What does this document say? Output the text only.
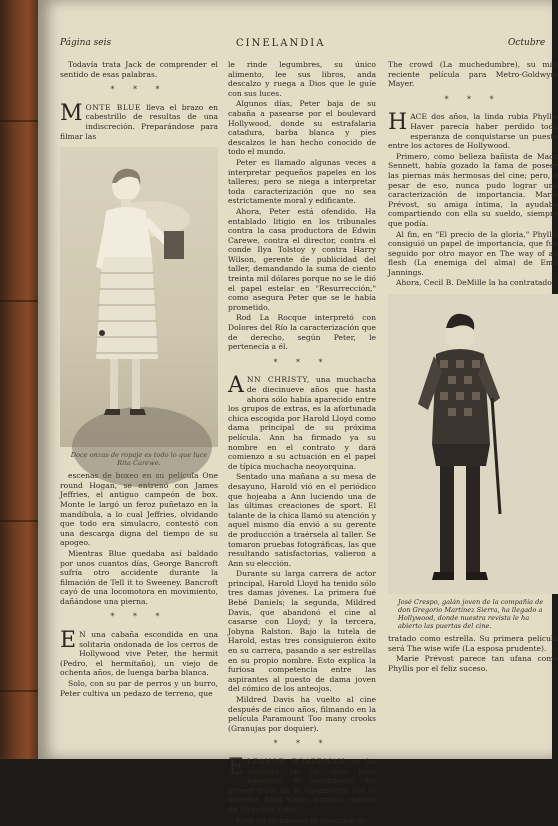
Página seis	CINELANDIA	Octubre

Todavía trata Jack de comprender el sentido de esas palabras.

* * *

MONTE BLUE lleva el brazo en cabestrillo de resultas de una indiscreción. Preparándose para filmar las

Doce onzas de ropaje es todo lo que luce Rita Carewe.

escenas de boxeo en su película One round Hogan, se entrenó con James Jeffries, el antiguo campeón de box. Monte le largó un feroz puñetazo en la mandíbula, a lo cual Jeffries, olvidando que todo era simulacro, contestó con una descarga digna del tiempo de su apogeo.

Mientras Blue quedaba así baldado por unos cuantos días, George Bancroft sufría otro accidente durante la filmación de Tell it to Sweeney. Bancroft cayó de una locomotora en movimiento, dañándose una pierna.

* * *

E N una cabaña escondida en una solitaria ondonada de los cerros de Hollywood vive Peter, the hermit (Pedro, el hermitaño), un viejo de ochenta años, de luenga barba blanca.

Solo, con su par de perros y un burro, Peter cultiva un pedazo de terreno, que

le rinde legumbres, su único alimento, lee sus libros, anda descalzo y ruega a Dios que le guíe con sus luces.

Algunos días, Peter baja de su cabaña a pasearse por el boulevard Hollywood, donde su estrafalaria catadura, barba blanca y pies descalzos le han hecho conocido de todo el mundo.

Peter es llamado algunas veces a interpretar pequeños papeles en los talleres; pero se niega a interpretar toda caracterización que no sea estrictamente moral y edificante.

Ahora, Peter está ofendido. Ha entablado litigio en los tribunales contra la casa productora de Edwin Carewe, contra el director, contra el conde Ilya Tolstoy y contra Harry Wilson, gerente de publicidad del taller, demandando la suma de ciento treinta mil dólares porque no se le dió el papel estelar en "Resurrección," como asegura Peter que se le había prometido.

Rod La Rocque interpretó con Dolores del Río la caracterización que de derecho, según Peter, le pertenecía a él.

* * *

ANN CHRISTY, una muchacha de diecinueve años que hasta ahora sólo había aparecido entre los grupos de extras, es la afortunada chica escogida por Harold Lloyd como dama principal de su próxima película. Ann ha firmado ya su nombre en el contrato y dará comienzo a su actuación en el papel de típica muchacha neoyorquina.

Sentado una mañana a su mesa de desayuno, Harold vió en el periódico que hojeaba a Ann luciendo una de las últimas creaciones de sport. El talante de la chica llamó su atención y aquel mismo día envió a su gerente de producción a traérsela al taller. Se tomaron pruebas fotográficas, las que resultando satisfactorias, valieron a Ann su elección.

Durante su larga carrera de actor principal, Harold Lloyd ha tenido sólo tres damas jóvenes. La primera fué Bebé Daniels; la segunda, Mildred Davis, que abandonó el cine al casarse con Lloyd; y la tercera, Jobyna Ralston. Bajo la tutela de Harold, estas tres consiguieron éxito en su carrera, pasando a ser estrellas en su propio nombre. Esto explica la furiosa competencia entre las aspirantes al puesto de dama joven del cómico de los anteojos.

Mildred Davis ha vuelto al cine después de cinco años, filmando en la película Paramount Too many crooks (Granujas por doquier).

* * *

ELEANOR BOARDMAN se ha recluído en su casa para aguardar el nacimiento del primer fruto de su casamiento con el director King Vidor, antiguo marido de Florence Vidor.

King ha terminado la dirección de

The crowd (La muchedumbre), su más reciente película para Metro-Goldwyn-Mayer.

* * *

HACE dos años, la linda rubia Phyllis Haver parecía haber perdido toda esperanza de conquistarse un puesto entre los actores de Hollywood.

Primero, como belleza bañista de Mack Sennett, había gozado la fama de poseer las piernas más hermosas del cine; pero, a pesar de eso, nunca pudo lograr una caracterización de importancia. Marie Prévost, su amiga íntima, la ayudaba compartiendo con ella su sueldo, siempre que podía.

Al fin, en "El precio de la gloria," Phyllis consiguió un papel de importancia, que fué seguido por otro mayor en The way of all flesh (La enemiga del alma) de Emil Jannings.

Ahora, Cecil B. DeMille la ha contratado

José Crespo, galán joven de la compañía de don Gregorio Martínez Sierra, ha llegado a Hollywood, donde nuestra revista le ha abierto las puertas del cine.

tratado como estrella. Su primera película será The wise wife (La esposa prudente).

Marie Prévost parece tan ufana como Phyllis por el feliz suceso.
